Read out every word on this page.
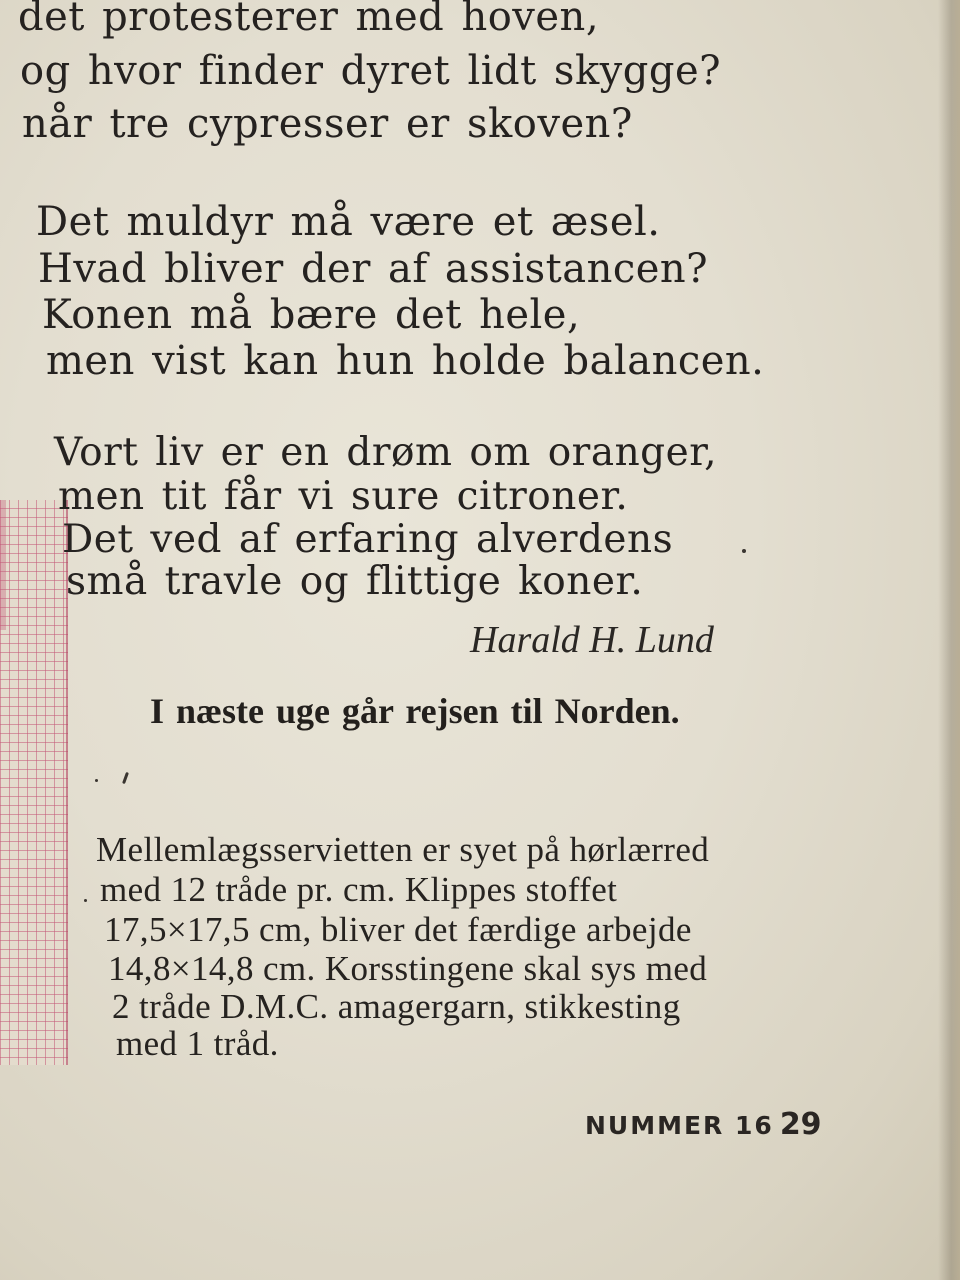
det protesterer med hoven,
og hvor finder dyret lidt skygge?
når tre cypresser er skoven?
Det muldyr må være et æsel.
Hvad bliver der af assistancen?
Konen må bære det hele,
men vist kan hun holde balancen.
Vort liv er en drøm om oranger,
men tit får vi sure citroner.
Det ved af erfaring alverdens
små travle og flittige koner.
Harald H. Lund
I næste uge går rejsen til Norden.
Mellemlægsservietten er syet på hørlærred
med 12 tråde pr. cm. Klippes stoffet
17,5×17,5 cm, bliver det færdige arbejde
14,8×14,8 cm. Korsstingene skal sys med
2 tråde D.M.C. amagergarn, stikkesting
med 1 tråd.
NUMMER 16 29
